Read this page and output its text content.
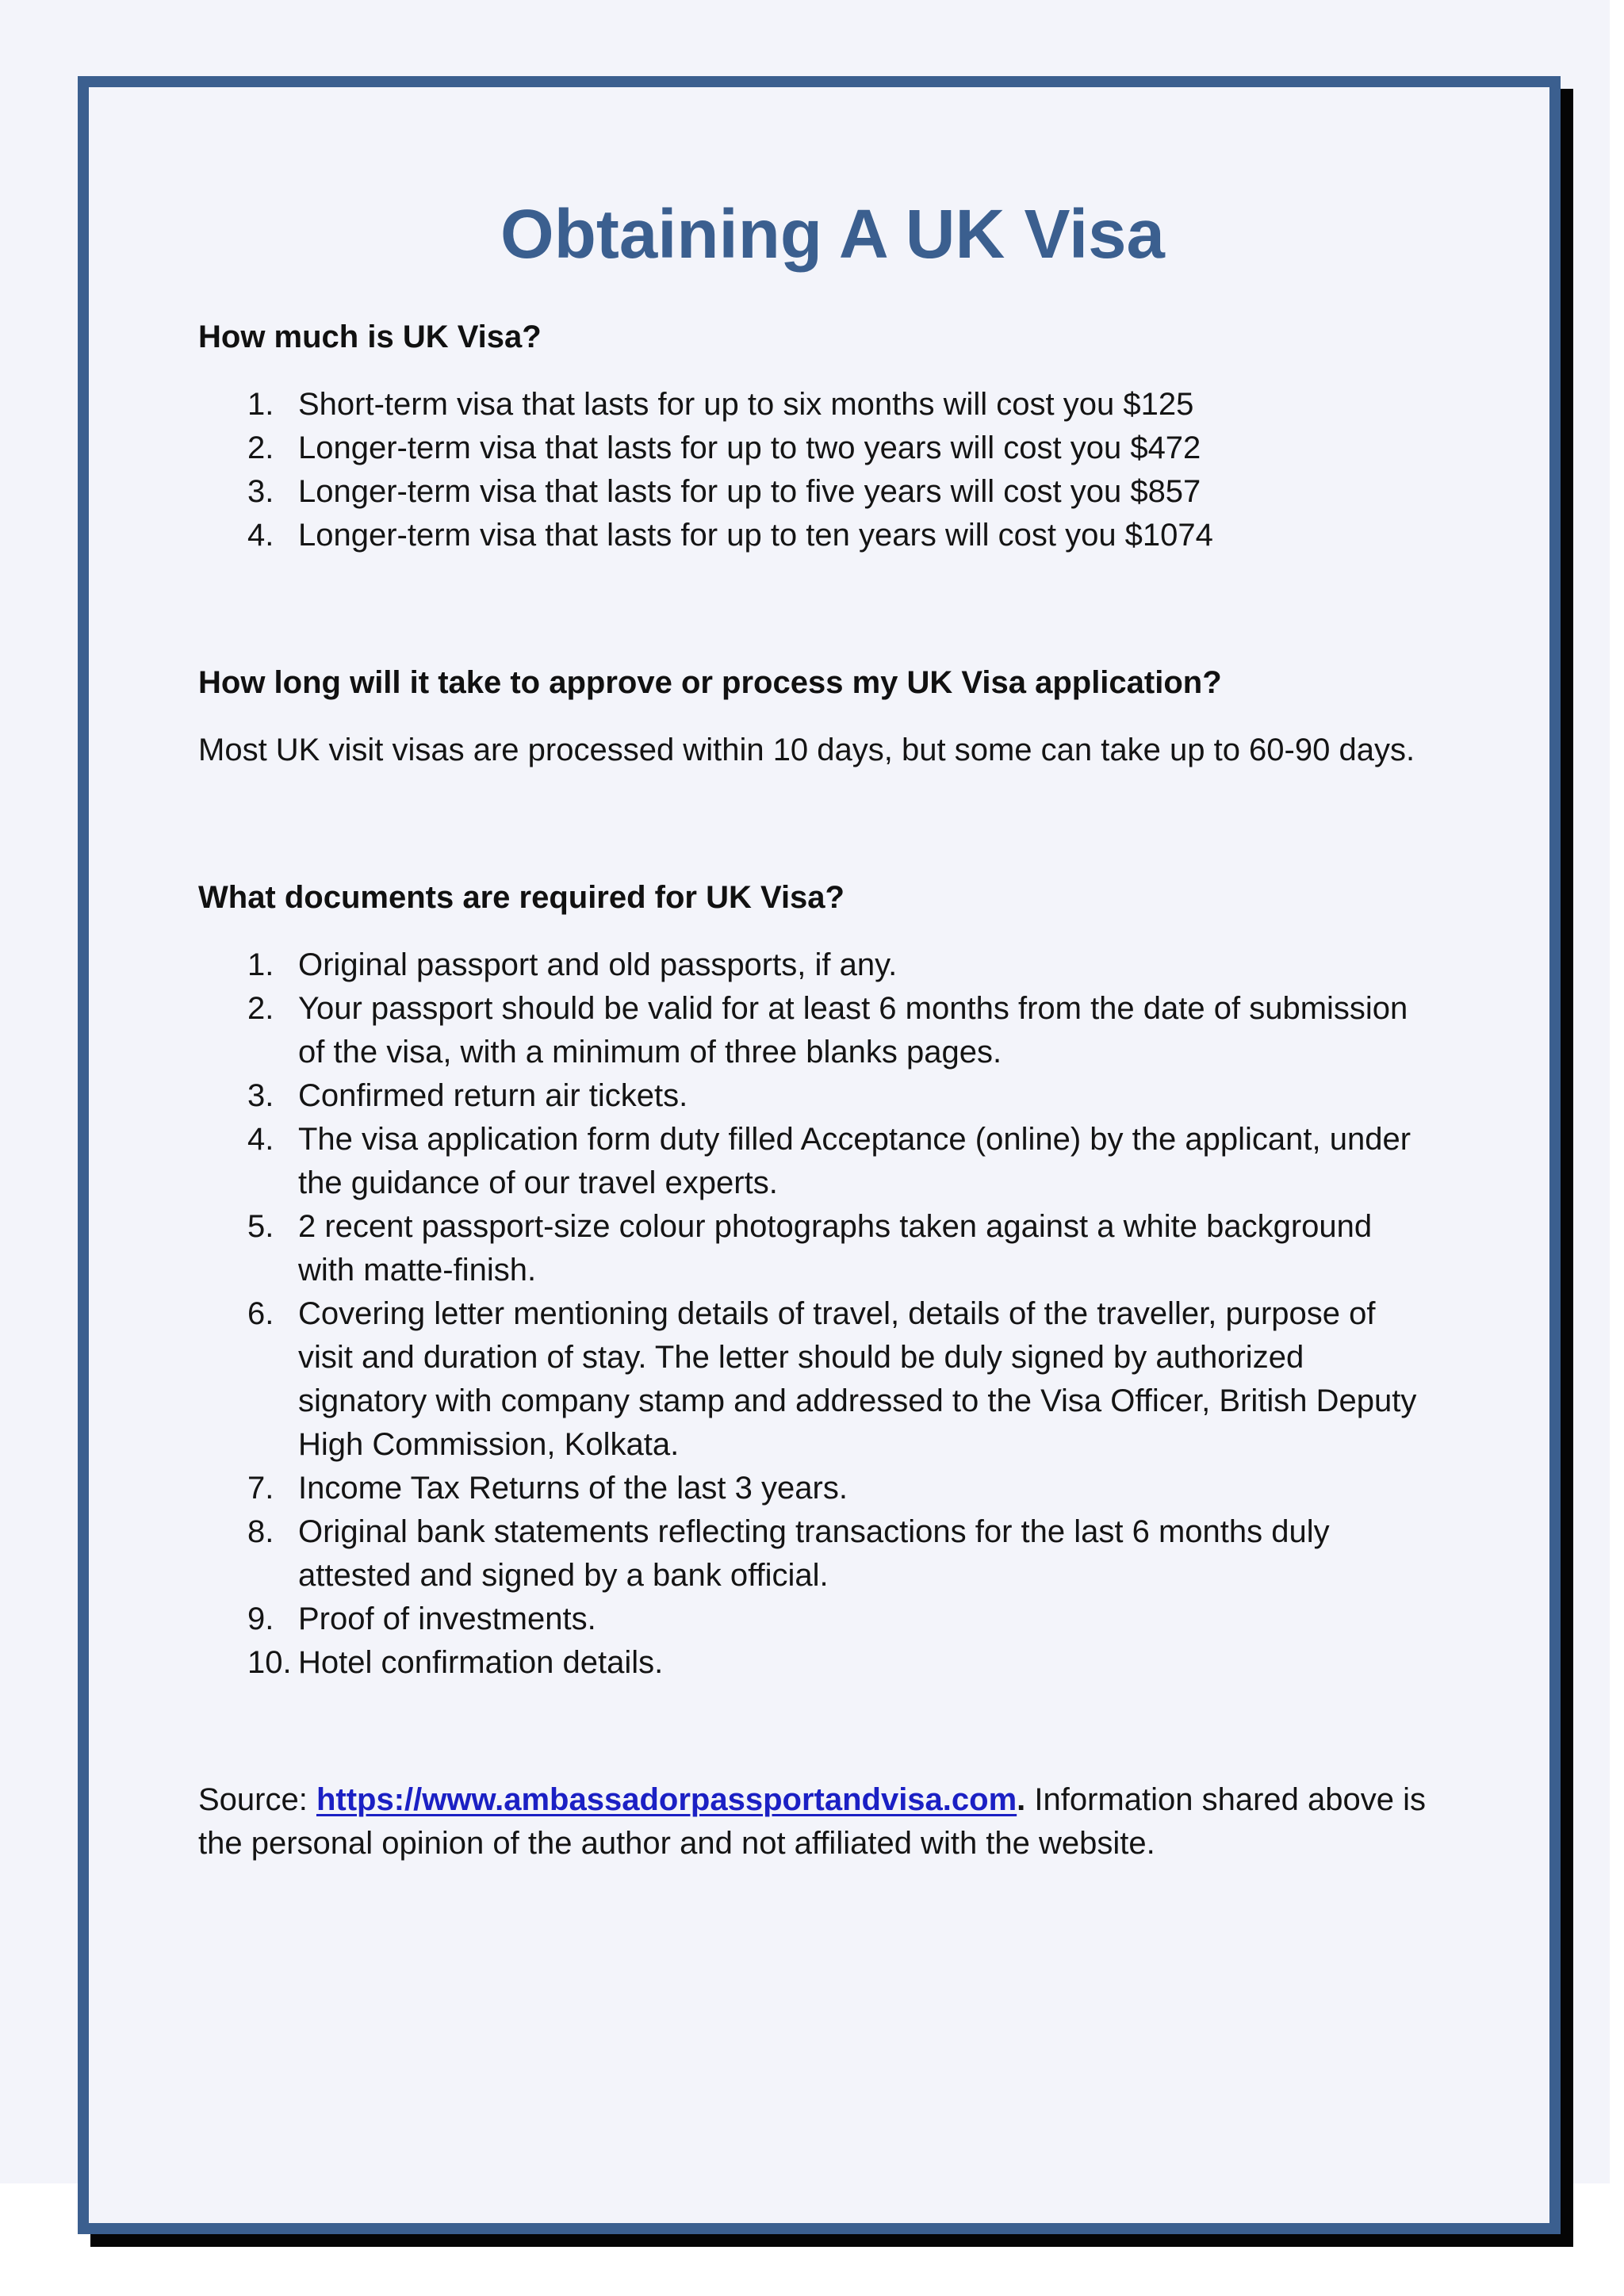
Obtaining A UK Visa
How much is UK Visa?
1. Short-term visa that lasts for up to six months will cost you $125
2. Longer-term visa that lasts for up to two years will cost you $472
3. Longer-term visa that lasts for up to five years will cost you $857
4. Longer-term visa that lasts for up to ten years will cost you $1074
How long will it take to approve or process my UK Visa application?

Most UK visit visas are processed within 10 days, but some can take up to 60-90 days.

What documents are required for UK Visa?
1. Original passport and old passports, if any.
2. Your passport should be valid for at least 6 months from the date of submission of the visa, with a minimum of three blanks pages.
3. Confirmed return air tickets.
4. The visa application form duty filled Acceptance (online) by the applicant, under the guidance of our travel experts.
5. 2 recent passport-size colour photographs taken against a white background with matte-finish.
6. Covering letter mentioning details of travel, details of the traveller, purpose of visit and duration of stay. The letter should be duly signed by authorized signatory with company stamp and addressed to the Visa Officer, British Deputy High Commission, Kolkata.
7. Income Tax Returns of the last 3 years.
8. Original bank statements reflecting transactions for the last 6 months duly attested and signed by a bank official.
9. Proof of investments.
10. Hotel confirmation details.

Source: https://www.ambassadorpassportandvisa.com. Information shared above is the personal opinion of the author and not affiliated with the website.
